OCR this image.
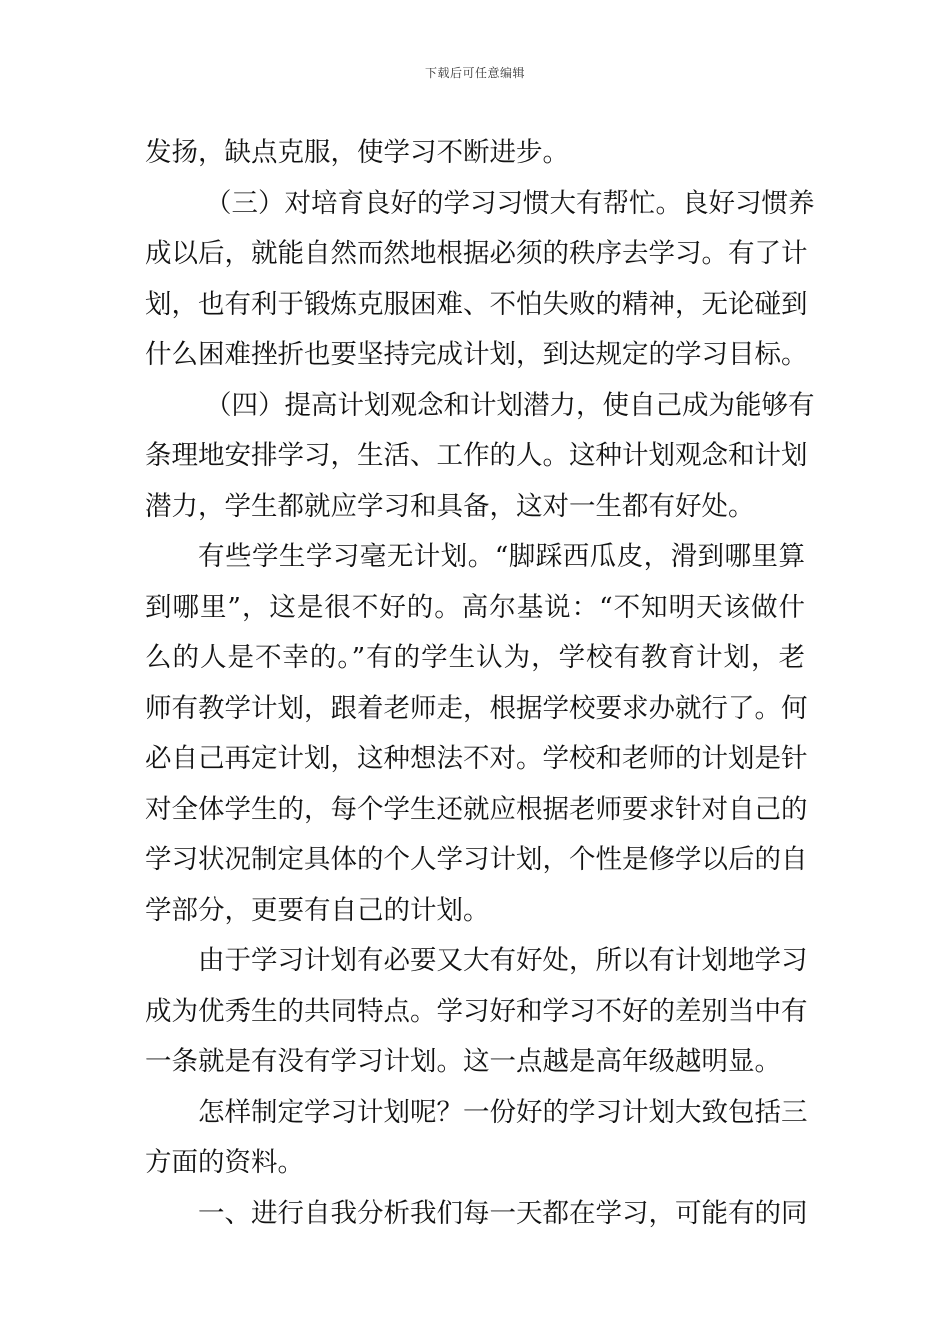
下载后可任意编辑
发扬，缺点克服，使学习不断进步。
（三）对培育良好的学习习惯大有帮忙。良好习惯养
成以后，就能自然而然地根据必须的秩序去学习。有了计
划，也有利于锻炼克服困难、不怕失败的精神，无论碰到
什么困难挫折也要坚持完成计划，到达规定的学习目标。
（四）提高计划观念和计划潜力，使自己成为能够有
条理地安排学习，生活、工作的人。这种计划观念和计划
潜力，学生都就应学习和具备，这对一生都有好处。
有些学生学习毫无计划。“脚踩西瓜皮，滑到哪里算
到哪里”，这是很不好的。高尔基说：“不知明天该做什
么的人是不幸的。”有的学生认为，学校有教育计划，老
师有教学计划，跟着老师走，根据学校要求办就行了。何
必自己再定计划，这种想法不对。学校和老师的计划是针
对全体学生的，每个学生还就应根据老师要求针对自己的
学习状况制定具体的个人学习计划，个性是修学以后的自
学部分，更要有自己的计划。
由于学习计划有必要又大有好处，所以有计划地学习
成为优秀生的共同特点。学习好和学习不好的差别当中有
一条就是有没有学习计划。这一点越是高年级越明显。
怎样制定学习计划呢？一份好的学习计划大致包括三
方面的资料。
一、进行自我分析我们每一天都在学习，可能有的同
